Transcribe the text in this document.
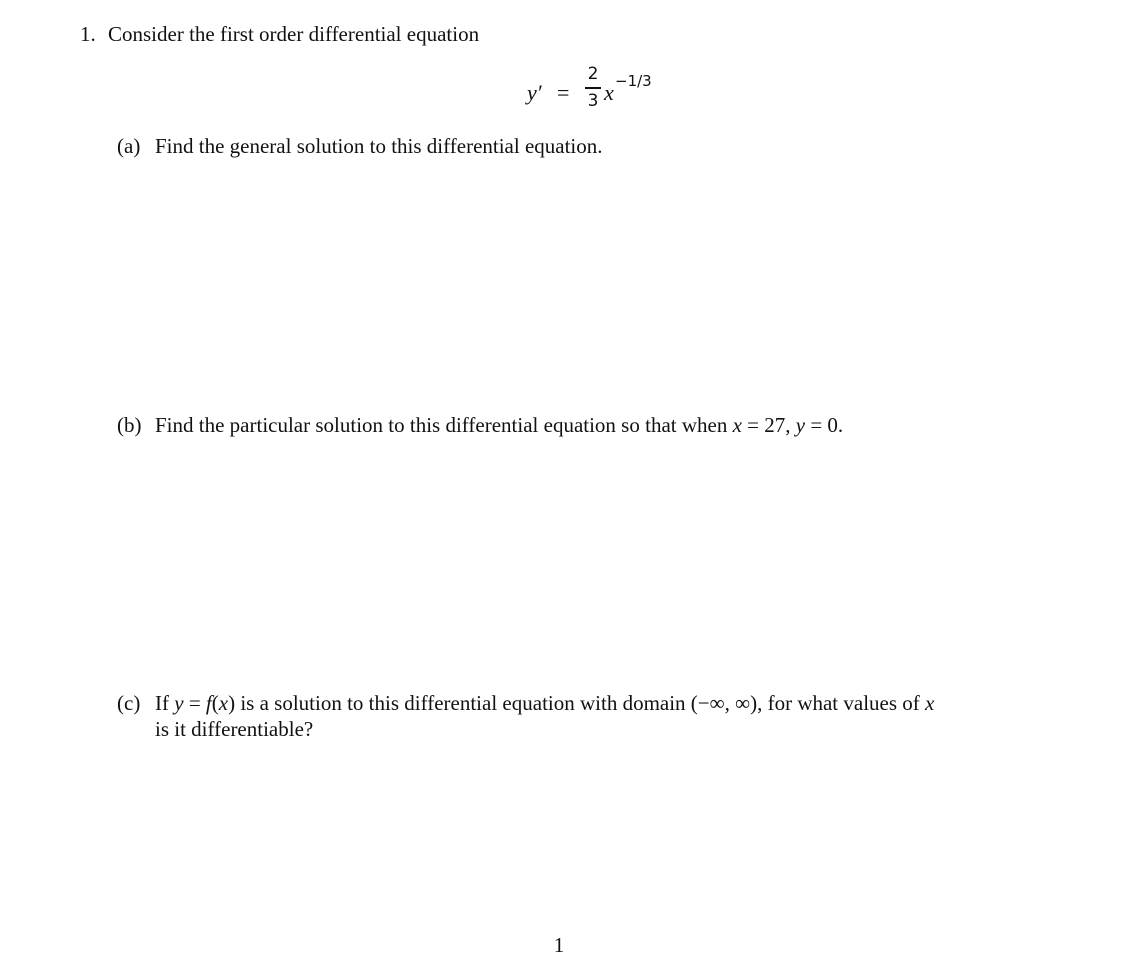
1. Consider the first order differential equation
y′ =
2
3 x −1/3
(a) Find the general solution to this differential equation.
(b) Find the particular solution to this differential equation so that when x = 27, y = 0.
(c) If y = f(x) is a solution to this differential equation with domain (−∞, ∞), for what values of x
is it differentiable?
1
